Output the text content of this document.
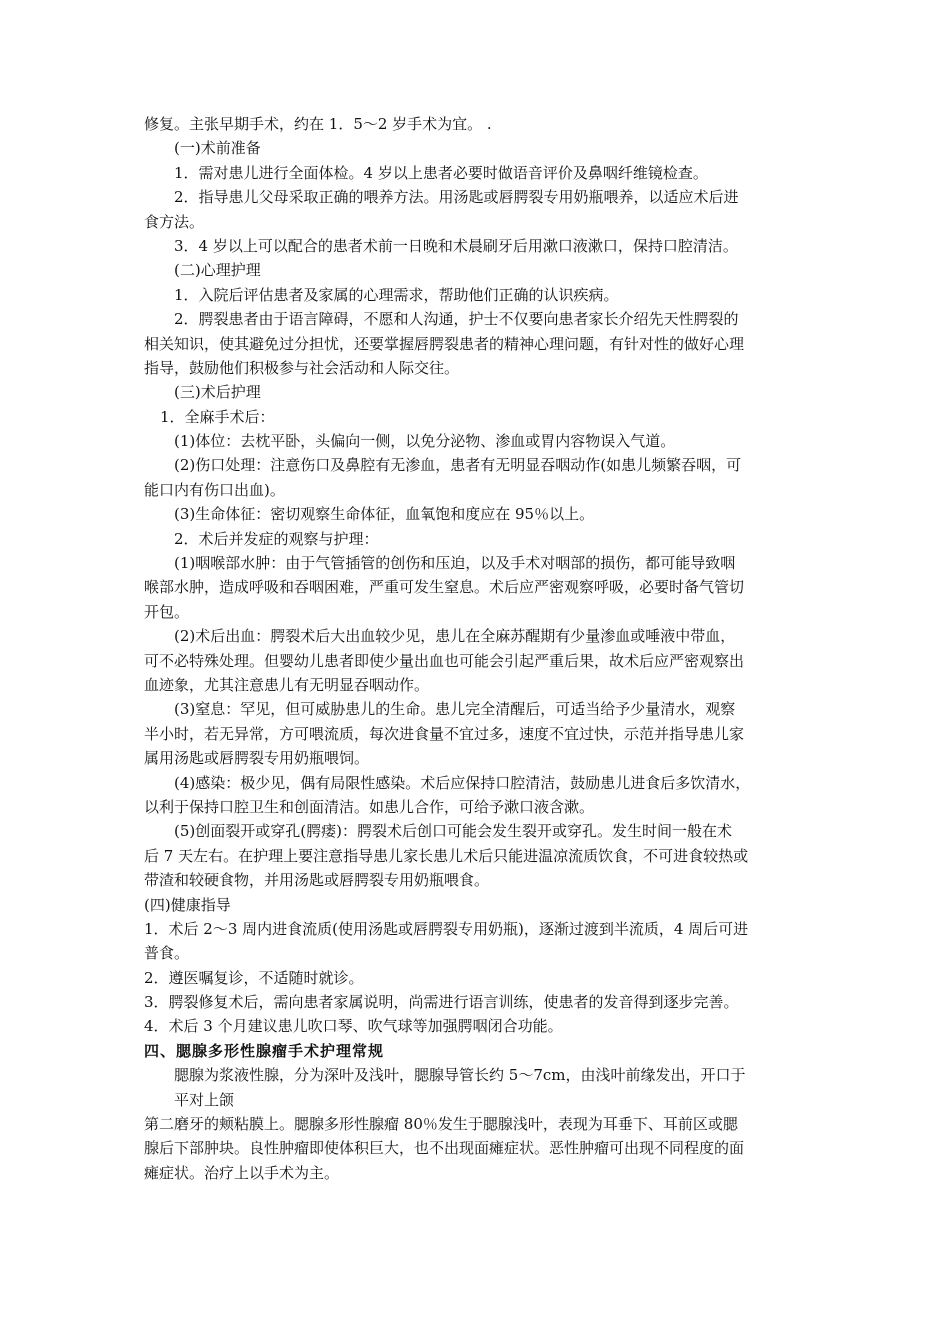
修复。主张早期手术，约在 1．5～2 岁手术为宜。 .
(一)术前准备
1．需对患儿进行全面体检。4 岁以上患者必要时做语音评价及鼻咽纤维镜检查。
2．指导患儿父母采取正确的喂养方法。用汤匙或唇腭裂专用奶瓶喂养，以适应术后进
食方法。
3．4 岁以上可以配合的患者术前一日晚和术晨刷牙后用漱口液漱口，保持口腔清洁。
(二)心理护理
1．入院后评估患者及家属的心理需求，帮助他们正确的认识疾病。
2．腭裂患者由于语言障碍，不愿和人沟通，护士不仅要向患者家长介绍先天性腭裂的
相关知识，使其避免过分担忧，还要掌握唇腭裂患者的精神心理问题，有针对性的做好心理
指导，鼓励他们积极参与社会活动和人际交往。
(三)术后护理
1．全麻手术后：
(1)体位：去枕平卧，头偏向一侧，以免分泌物、渗血或胃内容物误入气道。
(2)伤口处理：注意伤口及鼻腔有无渗血，患者有无明显吞咽动作(如患儿频繁吞咽，可
能口内有伤口出血)。
(3)生命体征：密切观察生命体征，血氧饱和度应在 95％以上。
2．术后并发症的观察与护理：
(1)咽喉部水肿：由于气管插管的创伤和压迫，以及手术对咽部的损伤，都可能导致咽
喉部水肿，造成呼吸和吞咽困难，严重可发生窒息。术后应严密观察呼吸，必要时备气管切
开包。
(2)术后出血：腭裂术后大出血较少见，患儿在全麻苏醒期有少量渗血或唾液中带血，
可不必特殊处理。但婴幼儿患者即使少量出血也可能会引起严重后果，故术后应严密观察出
血迹象，尤其注意患儿有无明显吞咽动作。
(3)窒息：罕见，但可威胁患儿的生命。患儿完全清醒后，可适当给予少量清水，观察
半小时，若无异常，方可喂流质，每次进食量不宜过多，速度不宜过快，示范并指导患儿家
属用汤匙或唇腭裂专用奶瓶喂饲。
(4)感染：极少见，偶有局限性感染。术后应保持口腔清洁，鼓励患儿进食后多饮清水，
以利于保持口腔卫生和创面清洁。如患儿合作，可给予漱口液含漱。
(5)创面裂开或穿孔(腭瘘)：腭裂术后创口可能会发生裂开或穿孔。发生时间一般在术
后 7 天左右。在护理上要注意指导患儿家长患儿术后只能进温凉流质饮食，不可进食较热或
带渣和较硬食物，并用汤匙或唇腭裂专用奶瓶喂食。
(四)健康指导
1．术后 2～3 周内进食流质(使用汤匙或唇腭裂专用奶瓶)，逐渐过渡到半流质，4 周后可进
普食。
2．遵医嘱复诊，不适随时就诊。
3．腭裂修复术后，需向患者家属说明，尚需进行语言训练，使患者的发音得到逐步完善。
4．术后 3 个月建议患儿吹口琴、吹气球等加强腭咽闭合功能。
四、腮腺多形性腺瘤手术护理常规
腮腺为浆液性腺，分为深叶及浅叶，腮腺导管长约 5～7cm，由浅叶前缘发出，开口于
平对上颌
第二磨牙的颊粘膜上。腮腺多形性腺瘤 80％发生于腮腺浅叶，表现为耳垂下、耳前区或腮
腺后下部肿块。良性肿瘤即使体积巨大，也不出现面瘫症状。恶性肿瘤可出现不同程度的面
瘫症状。治疗上以手术为主。
